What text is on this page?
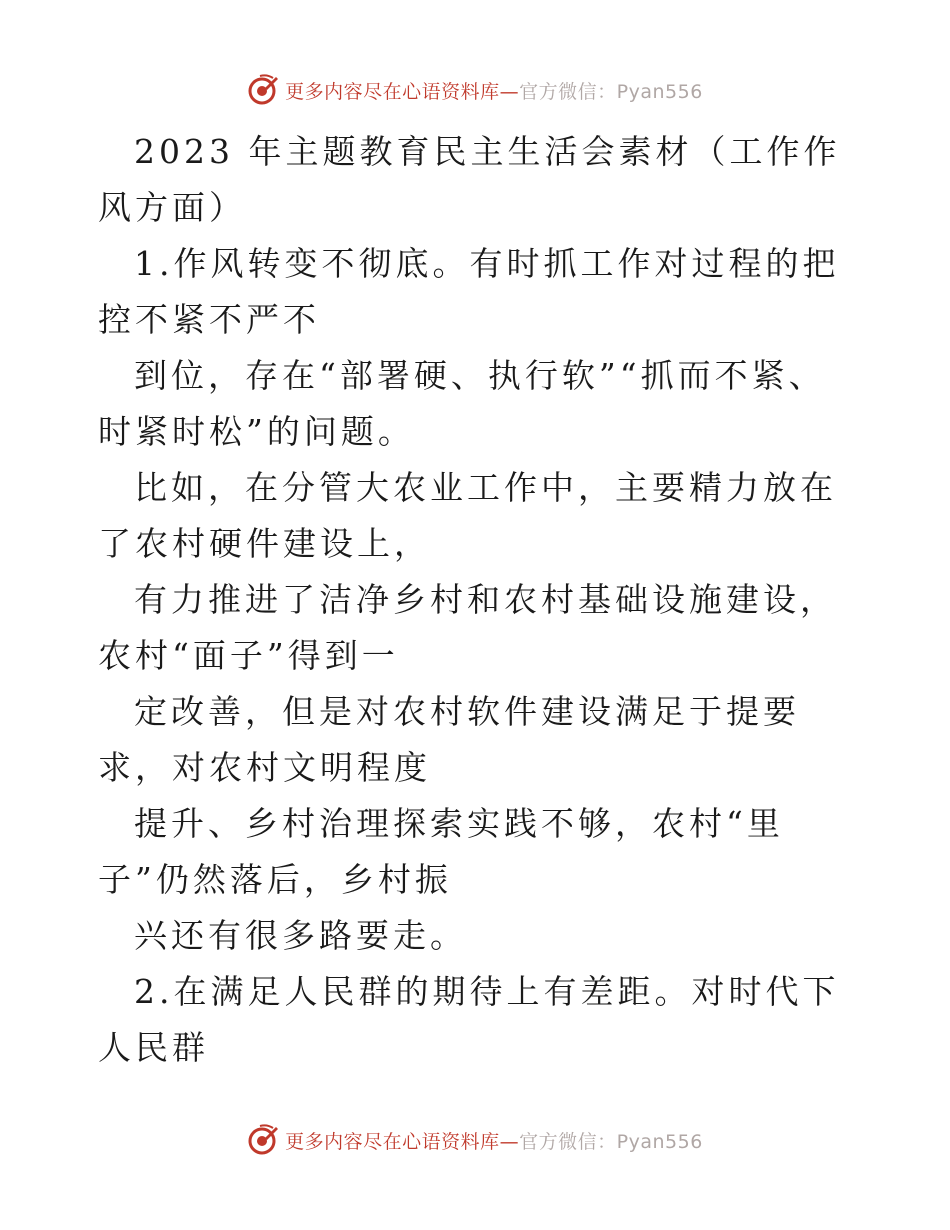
更多内容尽在心语资料库—官方微信：Pyan556

2023 年主题教育民主生活会素材（工作作风方面）

1.作风转变不彻底。有时抓工作对过程的把控不紧不严不

到位，存在“部署硬、执行软”“抓而不紧、时紧时松”的问题。

比如，在分管大农业工作中，主要精力放在了农村硬件建设上，

有力推进了洁净乡村和农村基础设施建设，农村“面子”得到一

定改善，但是对农村软件建设满足于提要求，对农村文明程度

提升、乡村治理探索实践不够，农村“里子”仍然落后，乡村振

兴还有很多路要走。

2.在满足人民群的期待上有差距。对时代下人民群

更多内容尽在心语资料库—官方微信：Pyan556
